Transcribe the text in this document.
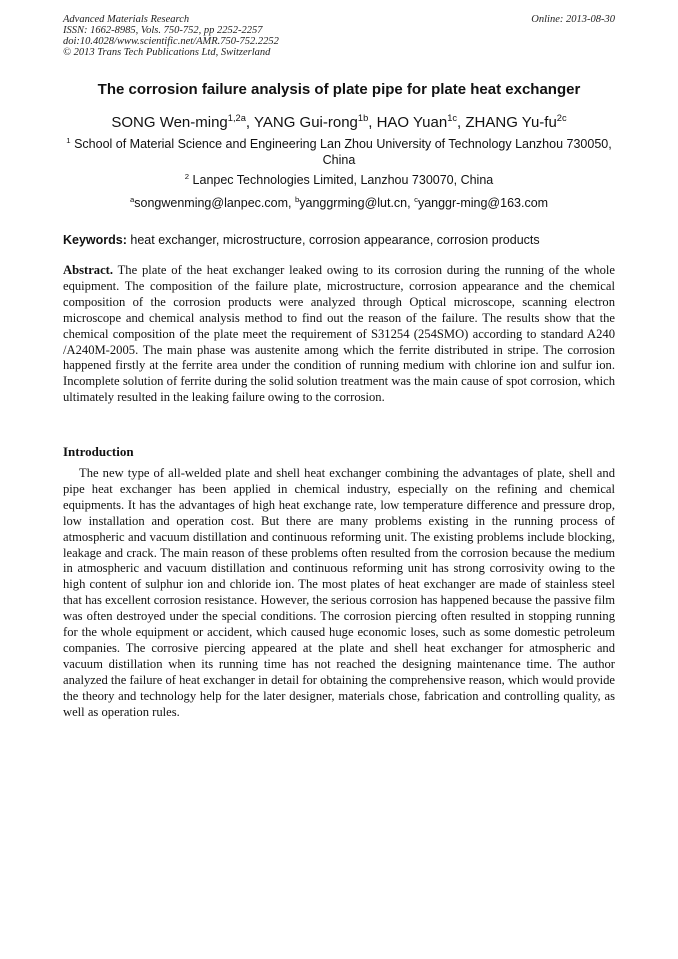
Advanced Materials Research
ISSN: 1662-8985, Vols. 750-752, pp 2252-2257
doi:10.4028/www.scientific.net/AMR.750-752.2252
© 2013 Trans Tech Publications Ltd, Switzerland
Online: 2013-08-30
The corrosion failure analysis of plate pipe for plate heat exchanger
SONG Wen-ming$^{1,2a}$, YANG Gui-rong$^{1b}$, HAO Yuan$^{1c}$, ZHANG $Yu-fu^{2c}$
$^1$ School of Material Science and Engineering Lan Zhou University of Technology Lanzhou 730050, China
$^2$ Lanpec Technologies Limited, Lanzhou 730070, China
$^a$songwenming@lanpec.com, $^b$yanggrming@lut.cn, $^c$yanggr-ming@163.com
Keywords: heat exchanger, microstructure, corrosion appearance, corrosion products
Abstract. The plate of the heat exchanger leaked owing to its corrosion during the running of the whole equipment. The composition of the failure plate, microstructure, corrosion appearance and the chemical composition of the corrosion products were analyzed through Optical microscope, scanning electron microscope and chemical analysis method to find out the reason of the failure. The results show that the chemical composition of the plate meet the requirement of S31254 (254SMO) according to standard A240 /A240M-2005. The main phase was austenite among which the ferrite distributed in stripe. The corrosion happened firstly at the ferrite area under the condition of running medium with chlorine ion and sulfur ion. Incomplete solution of ferrite during the solid solution treatment was the main cause of spot corrosion, which ultimately resulted in the leaking failure owing to the corrosion.
Introduction
The new type of all-welded plate and shell heat exchanger combining the advantages of plate, shell and pipe heat exchanger has been applied in chemical industry, especially on the refining and chemical equipments. It has the advantages of high heat exchange rate, low temperature difference and pressure drop, low installation and operation cost. But there are many problems existing in the running process of atmospheric and vacuum distillation and continuous reforming unit. The existing problems include blocking, leakage and crack. The main reason of these problems often resulted from the corrosion because the medium in atmospheric and vacuum distillation and continuous reforming unit has strong corrosivity owing to the high content of sulphur ion and chloride ion. The most plates of heat exchanger are made of stainless steel that has excellent corrosion resistance. However, the serious corrosion has happened because the passive film was often destroyed under the special conditions. The corrosion piercing often resulted in stopping running for the whole equipment or accident, which caused huge economic loses, such as some domestic petroleum companies. The corrosive piercing appeared at the plate and shell heat exchanger for atmospheric and vacuum distillation when its running time has not reached the designing maintenance time. The author analyzed the failure of heat exchanger in detail for obtaining the comprehensive reason, which would provide the theory and technology help for the later designer, materials chose, fabrication and controlling quality, as well as operation rules.
